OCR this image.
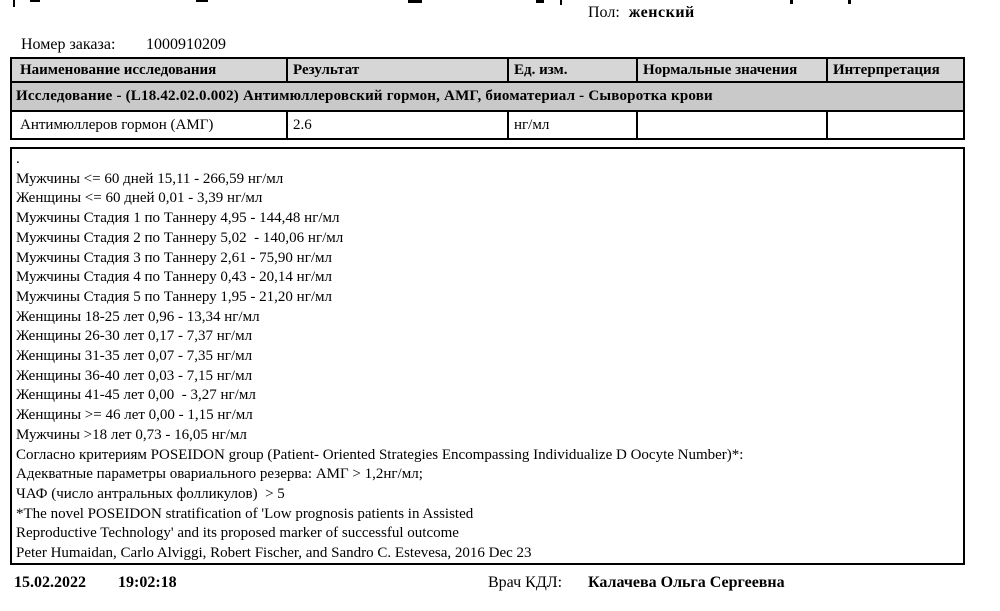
Пол: женский
Номер заказа: 1000910209
Наименование исследования	Результат	Ед. изм.	Нормальные значения	Интерпретация
Исследование - (L18.42.02.0.002) Антимюллеровский гормон, АМГ, биоматериал - Сыворотка крови
Антимюллеров гормон (АМГ)	2.6	нг/мл
.
Мужчины <= 60 дней 15,11 - 266,59 нг/мл
Женщины <= 60 дней 0,01 - 3,39 нг/мл
Мужчины Стадия 1 по Таннеру 4,95 - 144,48 нг/мл
Мужчины Стадия 2 по Таннеру 5,02  - 140,06 нг/мл
Мужчины Стадия 3 по Таннеру 2,61 - 75,90 нг/мл
Мужчины Стадия 4 по Таннеру 0,43 - 20,14 нг/мл
Мужчины Стадия 5 по Таннеру 1,95 - 21,20 нг/мл
Женщины 18-25 лет 0,96 - 13,34 нг/мл
Женщины 26-30 лет 0,17 - 7,37 нг/мл
Женщины 31-35 лет 0,07 - 7,35 нг/мл
Женщины 36-40 лет 0,03 - 7,15 нг/мл
Женщины 41-45 лет 0,00  - 3,27 нг/мл
Женщины >= 46 лет 0,00 - 1,15 нг/мл
Мужчины >18 лет 0,73 - 16,05 нг/мл
Согласно критериям POSEIDON group (Patient- Oriented Strategies Encompassing Individualize D Oocyte Number)*:
Адекватные параметры овариального резерва: АМГ > 1,2нг/мл;
ЧАФ (число антральных фолликулов)  > 5
*The novel POSEIDON stratification of 'Low prognosis patients in Assisted
Reproductive Technology' and its proposed marker of successful outcome
Peter Humaidan, Carlo Alviggi, Robert Fischer, and Sandro C. Estevesa, 2016 Dec 23
15.02.2022 19:02:18	Врач КДЛ: Калачева Ольга Сергеевна
